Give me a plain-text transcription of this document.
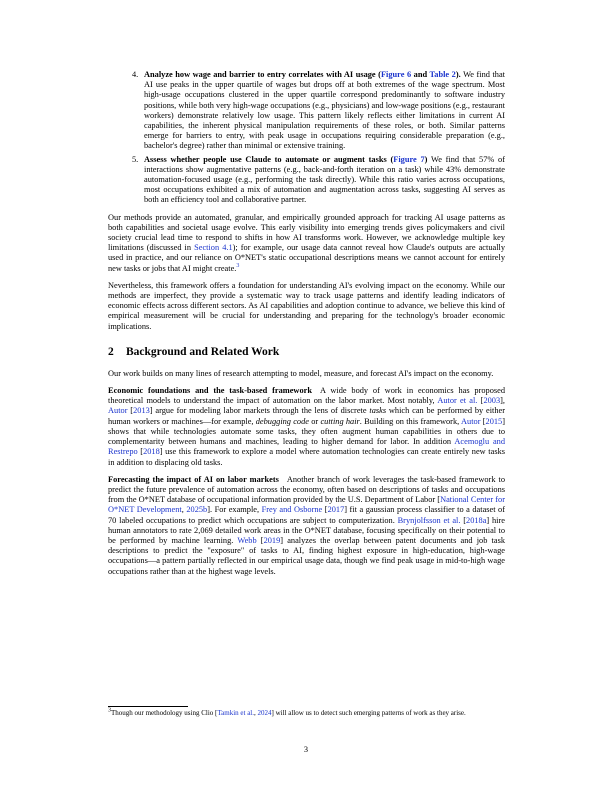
4. Analyze how wage and barrier to entry correlates with AI usage (Figure 6 and Table 2). We find that AI use peaks in the upper quartile of wages but drops off at both extremes of the wage spectrum. Most high-usage occupations clustered in the upper quartile correspond predominantly to software industry positions, while both very high-wage occupations (e.g., physicians) and low-wage positions (e.g., restaurant workers) demonstrate relatively low usage. This pattern likely reflects either limitations in current AI capabilities, the inherent physical manipulation requirements of these roles, or both. Similar patterns emerge for barriers to entry, with peak usage in occupations requiring considerable preparation (e.g., bachelor's degree) rather than minimal or extensive training.
5. Assess whether people use Claude to automate or augment tasks (Figure 7) We find that 57% of interactions show augmentative patterns (e.g., back-and-forth iteration on a task) while 43% demonstrate automation-focused usage (e.g., performing the task directly). While this ratio varies across occupations, most occupations exhibited a mix of automation and augmentation across tasks, suggesting AI serves as both an efficiency tool and collaborative partner.

Our methods provide an automated, granular, and empirically grounded approach for tracking AI usage patterns as both capabilities and societal usage evolve. This early visibility into emerging trends gives policymakers and civil society crucial lead time to respond to shifts in how AI transforms work. However, we acknowledge multiple key limitations (discussed in Section 4.1); for example, our usage data cannot reveal how Claude's outputs are actually used in practice, and our reliance on O*NET's static occupational descriptions means we cannot account for entirely new tasks or jobs that AI might create.$^3$

Nevertheless, this framework offers a foundation for understanding AI's evolving impact on the economy. While our methods are imperfect, they provide a systematic way to track usage patterns and identify leading indicators of economic effects across different sectors. As AI capabilities and adoption continue to advance, we believe this kind of empirical measurement will be crucial for understanding and preparing for the technology's broader economic implications.

2 Background and Related Work

Our work builds on many lines of research attempting to model, measure, and forecast AI's impact on the economy.

Economic foundations and the task-based framework A wide body of work in economics has proposed theoretical models to understand the impact of automation on the labor market. Most notably, Autor et al. [2003], Autor [2013] argue for modeling labor markets through the lens of discrete tasks which can be performed by either human workers or machines—for example, debugging code or cutting hair. Building on this framework, Autor [2015] shows that while technologies automate some tasks, they often augment human capabilities in others due to complementarity between humans and machines, leading to higher demand for labor. In addition Acemoglu and Restrepo [2018] use this framework to explore a model where automation technologies can create entirely new tasks in addition to displacing old tasks.

Forecasting the impact of AI on labor markets Another branch of work leverages the task-based framework to predict the future prevalence of automation across the economy, often based on descriptions of tasks and occupations from the O*NET database of occupational information provided by the U.S. Department of Labor [National Center for O*NET Development, 2025b]. For example, Frey and Osborne [2017] fit a gaussian process classifier to a dataset of 70 labeled occupations to predict which occupations are subject to computerization. Brynjolfsson et al. [2018a] hire human annotators to rate 2,069 detailed work areas in the O*NET database, focusing specifically on their potential to be performed by machine learning. Webb [2019] analyzes the overlap between patent documents and job task descriptions to predict the "exposure" of tasks to AI, finding highest exposure in high-education, high-wage occupations—a pattern partially reflected in our empirical usage data, though we find peak usage in mid-to-high wage occupations rather than at the highest wage levels.

$^3$Though our methodology using Clio [Tamkin et al., 2024] will allow us to detect such emerging patterns of work as they arise.
3
